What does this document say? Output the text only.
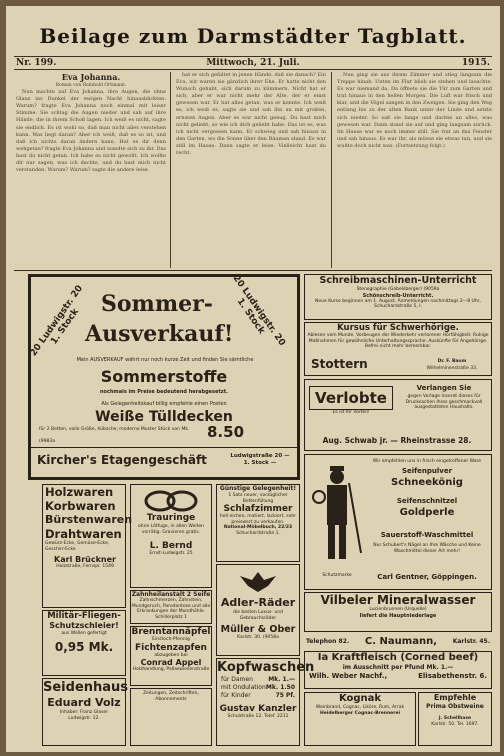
Beilage zum Darmstädter Tagblatt.
Nr. 199.	Mittwoch, 21. Juli.	1915.
Eva Johanna.
Roman von Reinhold Ortmann.

Nun machte auf Eva Johanna, ihre Augen, die ohne Glanz ins Dunkel der ewigen Nacht hinausblickten. Warum? fragte Eva Johanna noch einmal mit leiser Stimme. Sie schlug die Augen nieder und sah auf ihre Hände, die in ihrem Schoß lagen. Ich weiß es nicht, sagte sie endlich. Es ist wohl so, daß man nicht alles verstehen kann. Was liegt daran? Aber ich weiß, daß es so ist, und daß ich nichts daran ändern kann. Hat es dir denn wehgetan? fragte Eva Johanna und wandte sich zu ihr. Das hast du nicht getan. Ich habe es nicht gewollt. Ich wollte dir nur sagen, was ich dachte, und du hast mich nicht verstanden. Warum? Warum? sagte die andere leise.

hat er sich gefaltet in jenen Hände, daß sie danach? Ein Eva, wir waren sie gänzlich ihrer Ehe. Er hatte nicht den Wunsch gehabt, sich darum zu kümmern. Nicht hat er sich, aber er war nicht mehr der Alte, der er einst gewesen war. Er hat alles getan, was er konnte. Ich weiß es, ich weiß es, sagte sie und sah ihn an mit großen, ernsten Augen. Aber es war nicht genug. Du hast mich nicht geliebt, so wie ich dich geliebt habe. Das ist es, was ich nicht vergessen kann. Er schwieg und sah hinaus in den Garten, wo die Sonne über den Bäumen stand. Es war still im Hause. Dann sagte er leise: Vielleicht hast du recht.

Nun ging sie aus ihrem Zimmer und stieg langsam die Treppe hinab. Unten im Flur blieb sie stehen und lauschte. Es war niemand da. Da öffnete sie die Tür zum Garten und trat hinaus in den hellen Morgen. Die Luft war frisch und klar, und die Vögel sangen in den Zweigen. Sie ging den Weg entlang bis zu der alten Bank unter der Linde und setzte sich nieder. So saß sie lange und dachte an alles, was gewesen war. Dann stand sie auf und ging langsam zurück. Im Hause war es noch immer still. Sie trat an das Fenster und sah hinaus. Es war ihr, als müsse sie etwas tun, und sie wußte doch nicht was. (Fortsetzung folgt.)

20 Ludwigstr. 20 1. Stock	20 Ludwigstr. 20 1. Stock
Sommer-
Ausverkauf!
Mein AUSVERKAUF währt nur noch kurze Zeit und finden Sie sämtliche
Sommerstoffe
nochmals im Preise bedeutend herabgesetzt.
Als Gelegenheitskauf billig empfehle einen Posten
Weiße Tülldecken
für 2 Betten, volle Größe, hübsche, moderne Muster Stück von Mk.	8.50
(9983a
Kircher's Etagengeschäft	Ludwigstraße 20 — 1. Stock —
Schreibmaschinen-Unterricht
Stenographie (Gabelsberger) (9059a
Schönschreib-Unterricht.
Neue Kurse beginnen am 1. August. Anmeldungen nachmittags 2—8 Uhr, Schuchardstraße 5, I.
Kursus für Schwerhörige.
Ablesen vom Munde. Vorbeugen der Wiederkehr verlorener Hörfähigkeit. Ruhige Maßnahmen für gewöhnliche Unterhaltungssprache. Auskünfte für Angehörige. Befrei nicht mehr bemerkbar.
Stottern	Dr. F. Baum
Wilhelminenstraße 33.
Verlobte
Es ist Ihr Vorteil!
Verlangen Sie
gegen Vorlage Inserat dieses für Drucksachen Ihres geschmackvoll ausgestatteten Haushalts.
Aug. Schwab jr. — Rheinstrasse 28.
Schutzmarke
Wir empfehlen uns in frisch eingetroffener Ware
Seifenpulver
Schneekönig
Seifenschnitzel
Goldperle
Sauerstoff-Waschmittel
Nur Schubert's Nägel an Ihre Wäsche und Keine Waschmittel dieser Art mehr!
Carl Gentner, Göppingen.
Holzwaren
Korbwaren
Bürstenwaren
Drahtwaren
Gewürz-Ecke, Gemüse-Ecke, Geschirr-Ecke
Karl Brückner
Holzstraße, Fernspr. 1549
Trauringe
ohne Lötfuge, in allen Weiten vorrätig. Gravieren gratis.
L. Bernd
Ernst-Ludwigstr. 25
Günstige Gelegenheit!
1 Satz neuer, vorzüglicher Bettenfüllung
Schlafzimmer
hell eichen, matiert, lackiert, sehr preiswert zu verkaufen.
National-Möbelbuch, 22/23
Schuchardstraße 1.
Zahnheilanstalt 2 Seife
Zahnschmerzen, Zahnstein, Mundgeruch, Parodontose und alle Erkrankungen der Mundhöhle.
Schillerplatz 1
Brenntannäpfel
Einstoch-Pfennig
Fichtenzapfen
abzugeben bei
Conrad Appel
Holzhandlung, Pallaswiesenstraße
Adler-Räder
die besten Luxus- und Gebrauchsräder
Müller & Ober
Karlstr. 30. (9058a
Militär-Fliegen-
Schutzschleier!
aus Wollen gefertigt
0,95 Mk.
Seidenhaus
Eduard Volz
Inhaber: Franz Glaser
Ludwigstr. 12.
Zeitungen, Zeitschriften, Abonnements
Kopfwaschen
für Damen	Mk. 1.—
mit Ondulation Mk. 1.50
für Kinder	75 Pf.
Gustav Kanzler
Schulstraße 12. Telef. 2211
Vilbeler Mineralwasser
Lucienbrunnen (Urquelle)
liefert die Hauptniederlage
Telephon 82. C. Naumann,	Karlstr. 45.
Ia Kraftfleisch (Corned beef)
im Ausschnitt per Pfund Mk. 1.—
Wilh. Weber Nachf.,	Elisabethenstr. 6.
Kognak
Weinbrand, Cognac, Liköre, Rum, Arrak
Heidelberger Cognac-Brennerei
Empfehle
Prima Obstweine
J. Schellhase
Karlstr. 50. Tel. 1697.
